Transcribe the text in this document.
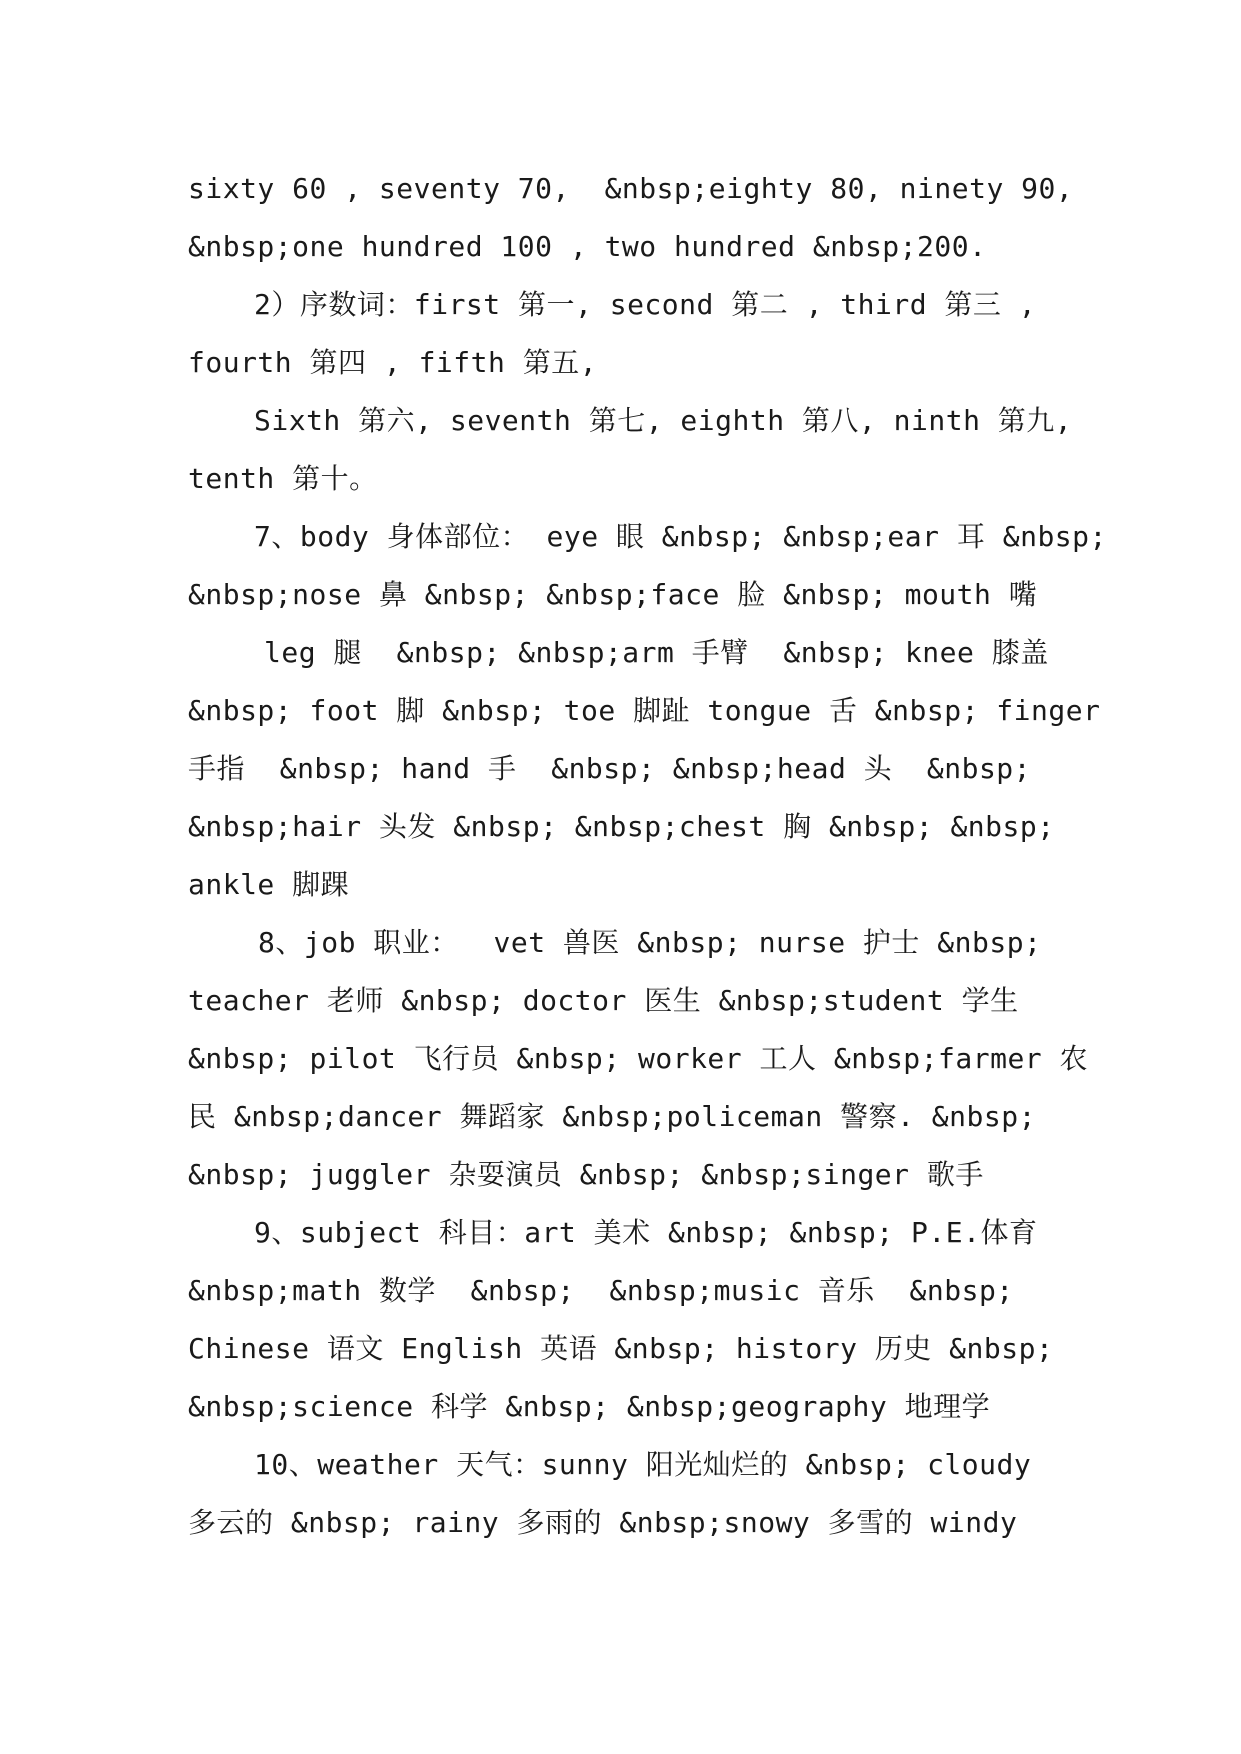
sixty 60 , seventy 70,  &nbsp;eighty 80, ninety 90,
&nbsp;one hundred 100 , two hundred &nbsp;200.

2）序数词：first 第一, second 第二 , third 第三 ,
fourth 第四 , fifth 第五,

Sixth 第六, seventh 第七, eighth 第八, ninth 第九,
tenth 第十。

7、body 身体部位： eye 眼 &nbsp; &nbsp;ear 耳 &nbsp;
&nbsp;nose 鼻 &nbsp; &nbsp;face 脸 &nbsp; mouth 嘴

leg 腿  &nbsp; &nbsp;arm 手臂  &nbsp; knee 膝盖
&nbsp; foot 脚 &nbsp; toe 脚趾 tongue 舌 &nbsp; finger
手指  &nbsp; hand 手  &nbsp; &nbsp;head 头  &nbsp;
&nbsp;hair 头发 &nbsp; &nbsp;chest 胸 &nbsp; &nbsp;
ankle 脚踝

8、job 职业：  vet 兽医 &nbsp; nurse 护士 &nbsp;
teacher 老师 &nbsp; doctor 医生 &nbsp;student 学生
&nbsp; pilot 飞行员 &nbsp; worker 工人 &nbsp;farmer 农
民 &nbsp;dancer 舞蹈家 &nbsp;policeman 警察. &nbsp;
&nbsp; juggler 杂耍演员 &nbsp; &nbsp;singer 歌手

9、subject 科目：art 美术 &nbsp; &nbsp; P.E.体育
&nbsp;math 数学  &nbsp;  &nbsp;music 音乐  &nbsp;
Chinese 语文 English 英语 &nbsp; history 历史 &nbsp;
&nbsp;science 科学 &nbsp; &nbsp;geography 地理学

10、weather 天气：sunny 阳光灿烂的 &nbsp; cloudy
多云的 &nbsp; rainy 多雨的 &nbsp;snowy 多雪的 windy
